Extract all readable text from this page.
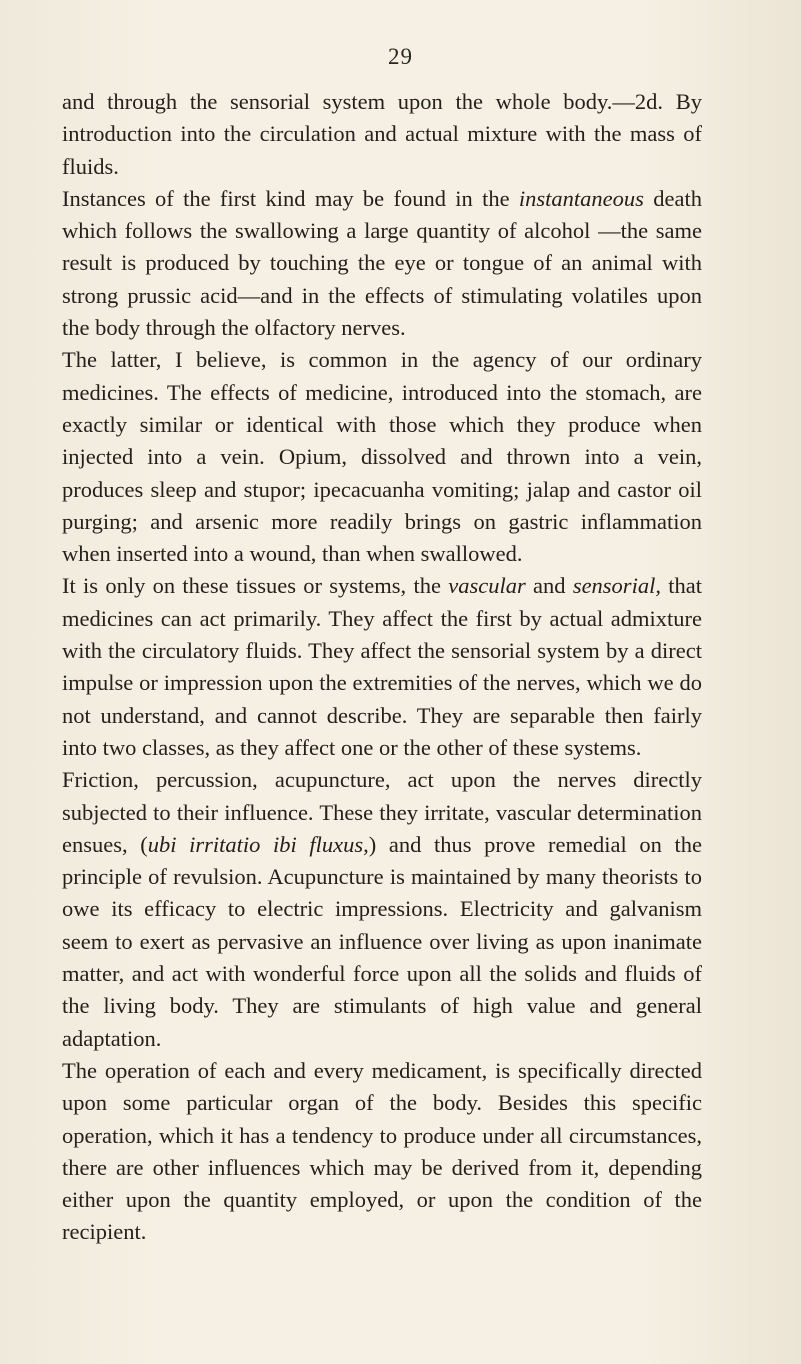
29

and through the sensorial system upon the whole body.—2d. By introduction into the circulation and actual mixture with the mass of fluids.

Instances of the first kind may be found in the instantaneous death which follows the swallowing a large quantity of alcohol —the same result is produced by touching the eye or tongue of an animal with strong prussic acid—and in the effects of stimulating volatiles upon the body through the olfactory nerves.

The latter, I believe, is common in the agency of our ordinary medicines. The effects of medicine, introduced into the stomach, are exactly similar or identical with those which they produce when injected into a vein. Opium, dissolved and thrown into a vein, produces sleep and stupor; ipecacuanha vomiting; jalap and castor oil purging; and arsenic more readily brings on gastric inflammation when inserted into a wound, than when swallowed.

It is only on these tissues or systems, the vascular and sensorial, that medicines can act primarily. They affect the first by actual admixture with the circulatory fluids. They affect the sensorial system by a direct impulse or impression upon the extremities of the nerves, which we do not understand, and cannot describe. They are separable then fairly into two classes, as they affect one or the other of these systems.

Friction, percussion, acupuncture, act upon the nerves directly subjected to their influence. These they irritate, vascular determination ensues, (ubi irritatio ibi fluxus,) and thus prove remedial on the principle of revulsion. Acupuncture is maintained by many theorists to owe its efficacy to electric impressions. Electricity and galvanism seem to exert as pervasive an influence over living as upon inanimate matter, and act with wonderful force upon all the solids and fluids of the living body. They are stimulants of high value and general adaptation.

The operation of each and every medicament, is specifically directed upon some particular organ of the body. Besides this specific operation, which it has a tendency to produce under all circumstances, there are other influences which may be derived from it, depending either upon the quantity employed, or upon the condition of the recipient.
